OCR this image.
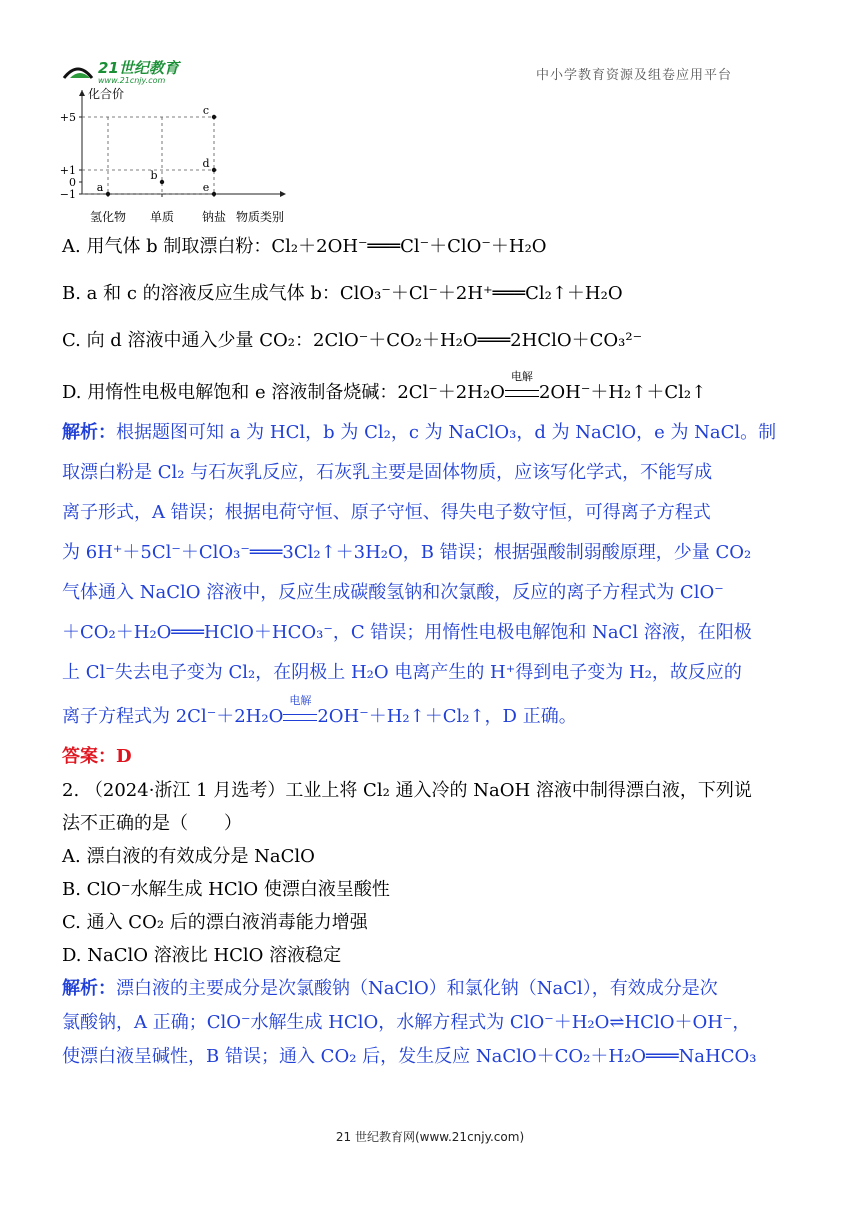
21世纪教育
www.21cnjy.com	中小学教育资源及组卷应用平台
化合价
物质类别
+5
+1
0
−1
氢化物 单质 钠盐
a
b
c
d
e
A. 用气体 b 制取漂白粉：Cl₂＋2OH⁻═══Cl⁻＋ClO⁻＋H₂O
B. a 和 c 的溶液反应生成气体 b：ClO₃⁻＋Cl⁻＋2H⁺═══Cl₂↑＋H₂O
C. 向 d 溶液中通入少量 CO₂：2ClO⁻＋CO₂＋H₂O═══2HClO＋CO₃²⁻
D. 用惰性电极电解饱和 e 溶液制备烧碱：2Cl⁻＋2H₂O
电解
2OH⁻＋H₂↑＋Cl₂↑
解析：根据题图可知 a 为 HCl，b 为 Cl₂，c 为 NaClO₃，d 为 NaClO，e 为 NaCl。制
取漂白粉是 Cl₂ 与石灰乳反应，石灰乳主要是固体物质，应该写化学式，不能写成
离子形式，A 错误；根据电荷守恒、原子守恒、得失电子数守恒，可得离子方程式
为 6H⁺＋5Cl⁻＋ClO₃⁻═══3Cl₂↑＋3H₂O，B 错误；根据强酸制弱酸原理，少量 CO₂
气体通入 NaClO 溶液中，反应生成碳酸氢钠和次氯酸，反应的离子方程式为 ClO⁻
＋CO₂＋H₂O═══HClO＋HCO₃⁻，C 错误；用惰性电极电解饱和 NaCl 溶液，在阳极
上 Cl⁻失去电子变为 Cl₂，在阴极上 H₂O 电离产生的 H⁺得到电子变为 H₂，故反应的
离子方程式为 2Cl⁻＋2H₂O
电解
2OH⁻＋H₂↑＋Cl₂↑，D 正确。
答案：D
2. （2024·浙江 1 月选考）工业上将 Cl₂ 通入冷的 NaOH 溶液中制得漂白液，下列说
法不正确的是（　　）
A. 漂白液的有效成分是 NaClO
B. ClO⁻水解生成 HClO 使漂白液呈酸性
C. 通入 CO₂ 后的漂白液消毒能力增强
D. NaClO 溶液比 HClO 溶液稳定
解析：漂白液的主要成分是次氯酸钠（NaClO）和氯化钠（NaCl），有效成分是次
氯酸钠，A 正确；ClO⁻水解生成 HClO，水解方程式为 ClO⁻＋H₂O⇌HClO＋OH⁻，
使漂白液呈碱性，B 错误；通入 CO₂ 后，发生反应 NaClO＋CO₂＋H₂O═══NaHCO₃
21 世纪教育网(www.21cnjy.com)
